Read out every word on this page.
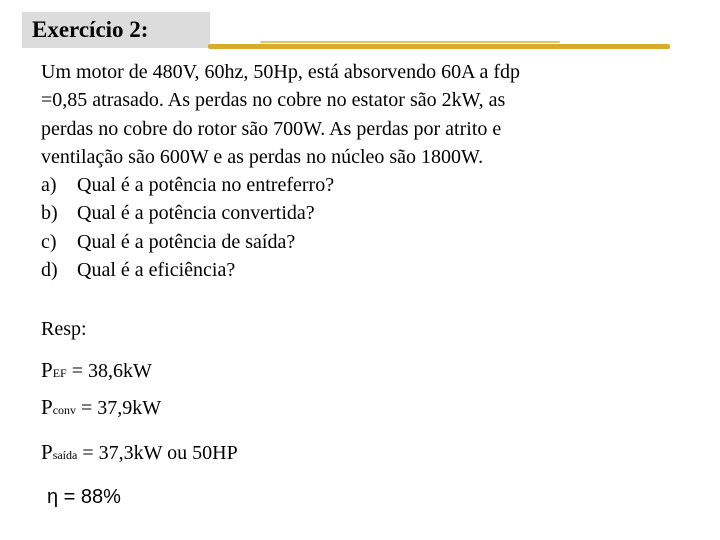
Exercício 2:
Um motor de 480V, 60hz, 50Hp, está absorvendo 60A a fdp
=0,85 atrasado. As perdas no cobre no estator são 2kW, as
perdas no cobre do rotor são 700W. As perdas por atrito e
ventilação são 600W e as perdas no núcleo são 1800W.
a)	Qual é a potência no entreferro?
b) Qual é a potência convertida?
c)	Qual é a potência de saída?
d) Qual é a eficiência?
Resp:
PEF = 38,6kW
Pconv = 37,9kW
Psaída = 37,3kW ou 50HP
η = 88%
